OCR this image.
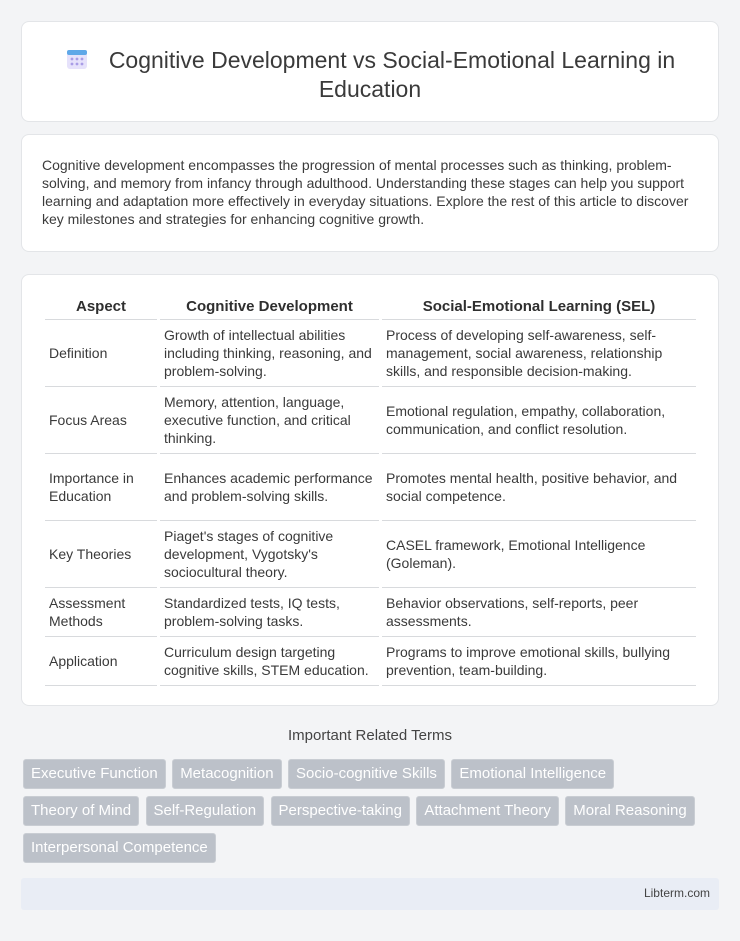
Cognitive Development vs Social-Emotional Learning in Education

Cognitive development encompasses the progression of mental processes such as thinking, problem-solving, and memory from infancy through adulthood. Understanding these stages can help you support learning and adaptation more effectively in everyday situations. Explore the rest of this article to discover key milestones and strategies for enhancing cognitive growth.

Aspect	Cognitive Development	Social-Emotional Learning (SEL)
Definition	Growth of intellectual abilities including thinking, reasoning, and problem-solving.	Process of developing self-awareness, self-management, social awareness, relationship skills, and responsible decision-making.
Focus Areas	Memory, attention, language, executive function, and critical thinking.	Emotional regulation, empathy, collaboration, communication, and conflict resolution.
Importance in Education	Enhances academic performance and problem-solving skills.	Promotes mental health, positive behavior, and social competence.
Key Theories	Piaget's stages of cognitive development, Vygotsky's sociocultural theory.	CASEL framework, Emotional Intelligence (Goleman).
Assessment Methods	Standardized tests, IQ tests, problem-solving tasks.	Behavior observations, self-reports, peer assessments.
Application	Curriculum design targeting cognitive skills, STEM education.	Programs to improve emotional skills, bullying prevention, team-building.
Important Related Terms
Executive Function Metacognition Socio-cognitive Skills Emotional Intelligence Theory of Mind Self-Regulation Perspective-taking Attachment Theory Moral Reasoning Interpersonal Competence
Libterm.com
